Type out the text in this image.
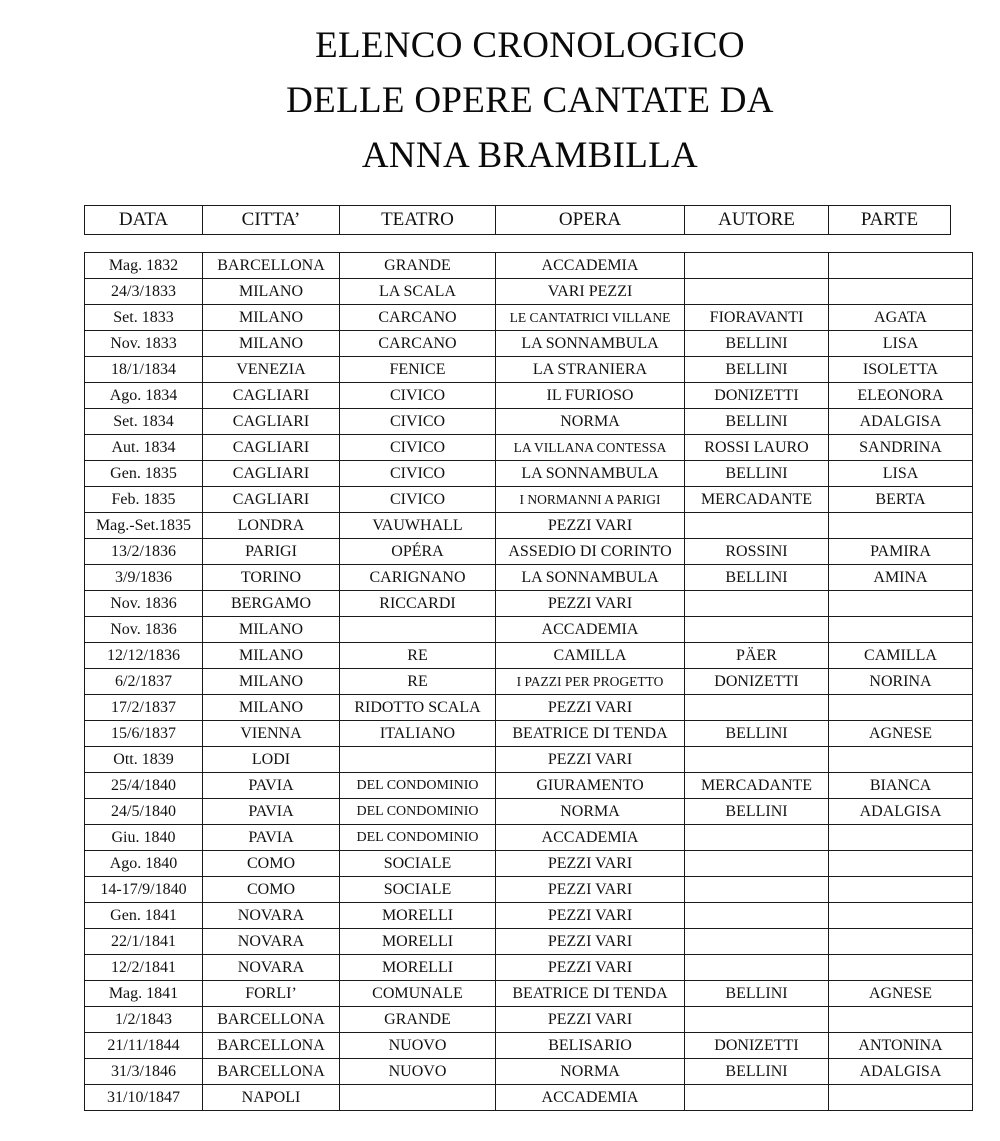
ELENCO CRONOLOGICO
DELLE OPERE CANTATE DA
ANNA BRAMBILLA
DATA	CITTA’	TEATRO	OPERA	AUTORE	PARTE
Mag. 1832	BARCELLONA	GRANDE	ACCADEMIA		
24/3/1833	MILANO	LA SCALA	VARI PEZZI		
Set. 1833	MILANO	CARCANO	LE CANTATRICI VILLANE	FIORAVANTI	AGATA
Nov. 1833	MILANO	CARCANO	LA SONNAMBULA	BELLINI	LISA
18/1/1834	VENEZIA	FENICE	LA STRANIERA	BELLINI	ISOLETTA
Ago. 1834	CAGLIARI	CIVICO	IL FURIOSO	DONIZETTI	ELEONORA
Set. 1834	CAGLIARI	CIVICO	NORMA	BELLINI	ADALGISA
Aut. 1834	CAGLIARI	CIVICO	LA VILLANA CONTESSA	ROSSI LAURO	SANDRINA
Gen. 1835	CAGLIARI	CIVICO	LA SONNAMBULA	BELLINI	LISA
Feb. 1835	CAGLIARI	CIVICO	I NORMANNI A PARIGI	MERCADANTE	BERTA
Mag.-Set.1835	LONDRA	VAUWHALL	PEZZI VARI		
13/2/1836	PARIGI	OPÉRA	ASSEDIO DI CORINTO	ROSSINI	PAMIRA
3/9/1836	TORINO	CARIGNANO	LA SONNAMBULA	BELLINI	AMINA
Nov. 1836	BERGAMO	RICCARDI	PEZZI VARI		
Nov. 1836	MILANO		ACCADEMIA		
12/12/1836	MILANO	RE	CAMILLA	PÄER	CAMILLA
6/2/1837	MILANO	RE	I PAZZI PER PROGETTO	DONIZETTI	NORINA
17/2/1837	MILANO	RIDOTTO SCALA	PEZZI VARI		
15/6/1837	VIENNA	ITALIANO	BEATRICE DI TENDA	BELLINI	AGNESE
Ott. 1839	LODI		PEZZI VARI		
25/4/1840	PAVIA	DEL CONDOMINIO	GIURAMENTO	MERCADANTE	BIANCA
24/5/1840	PAVIA	DEL CONDOMINIO	NORMA	BELLINI	ADALGISA
Giu. 1840	PAVIA	DEL CONDOMINIO	ACCADEMIA		
Ago. 1840	COMO	SOCIALE	PEZZI VARI		
14-17/9/1840	COMO	SOCIALE	PEZZI VARI		
Gen. 1841	NOVARA	MORELLI	PEZZI VARI		
22/1/1841	NOVARA	MORELLI	PEZZI VARI		
12/2/1841	NOVARA	MORELLI	PEZZI VARI		
Mag. 1841	FORLI’	COMUNALE	BEATRICE DI TENDA	BELLINI	AGNESE
1/2/1843	BARCELLONA	GRANDE	PEZZI VARI		
21/11/1844	BARCELLONA	NUOVO	BELISARIO	DONIZETTI	ANTONINA
31/3/1846	BARCELLONA	NUOVO	NORMA	BELLINI	ADALGISA
31/10/1847	NAPOLI		ACCADEMIA		
